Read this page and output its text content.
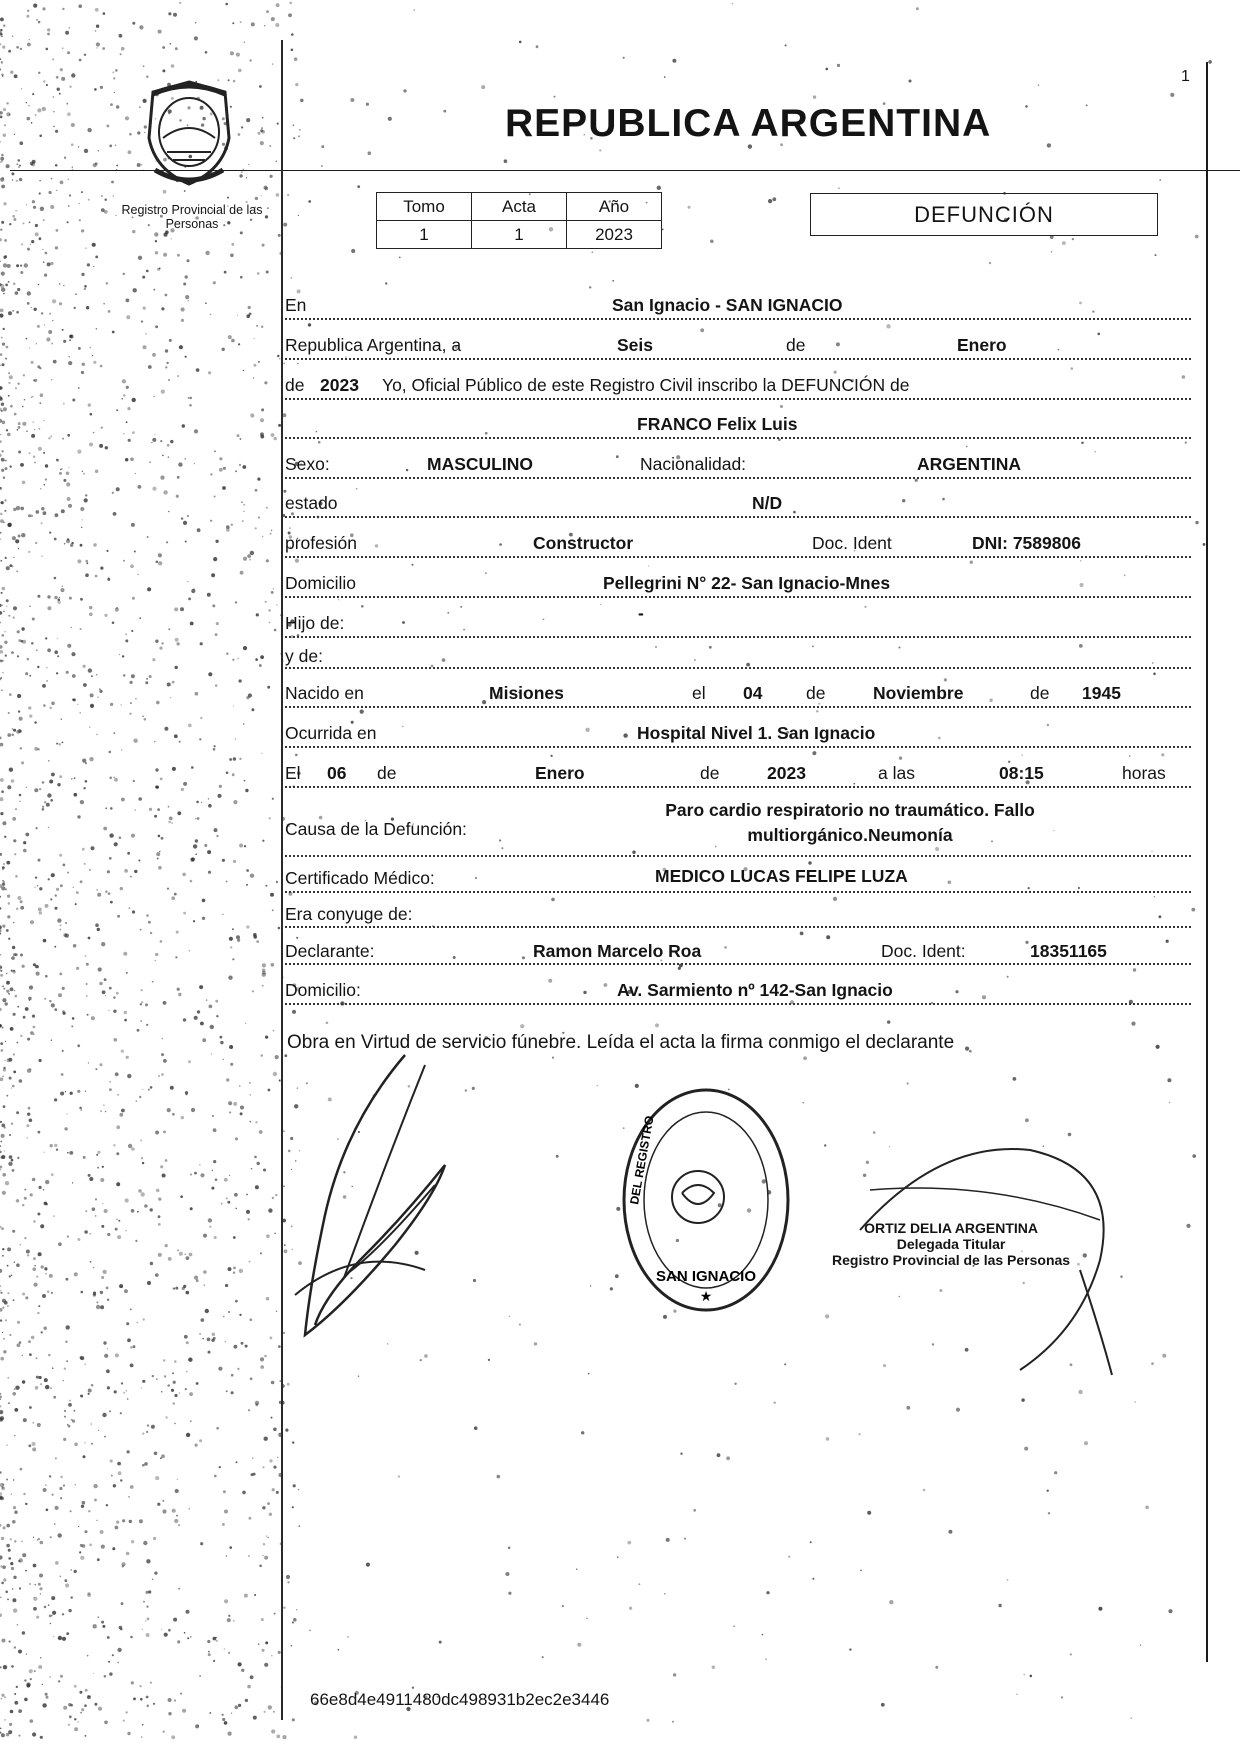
1
Registro Provincial de las Personas
REPUBLICA ARGENTINA
Tomo	Acta	Año
1	1	2023
DEFUNCIÓN
En	San Ignacio - SAN IGNACIO
Republica Argentina, a	Seis	de	Enero
de 2023 Yo, Oficial Público de este Registro Civil inscribo la DEFUNCIÓN de
FRANCO Felix Luis
Sexo:	MASCULINO	Nacionalidad:	ARGENTINA
estado	N/D
profesión	Constructor	Doc. Ident	DNI: 7589806
Domicilio	Pellegrini N° 22- San Ignacio-Mnes
Hijo de:	-
y de:
Nacido en	Misiones	el 04 de	Noviembre	de 1945
Ocurrida en	Hospital Nivel 1. San Ignacio
El 06 de	Enero	de	2023	a las	08:15	horas
Causa de la Defunción:
Paro cardio respiratorio no traumático. Fallo
multiorgánico.Neumonía
Certificado Médico:	MEDICO LUCAS FELIPE LUZA
Era conyuge de:
Declarante:	Ramon Marcelo Roa	Doc. Ident:	18351165
Domicilio:	Av. Sarmiento nº 142-San Ignacio
Obra en Virtud de servicio fúnebre. Leída el acta la firma conmigo el declarante
SAN IGNACIO
★
DEL REGISTRO
ORTIZ DELIA ARGENTINA
Delegada Titular
Registro Provincial de las Personas
66e8d4e4911480dc498931b2ec2e3446
